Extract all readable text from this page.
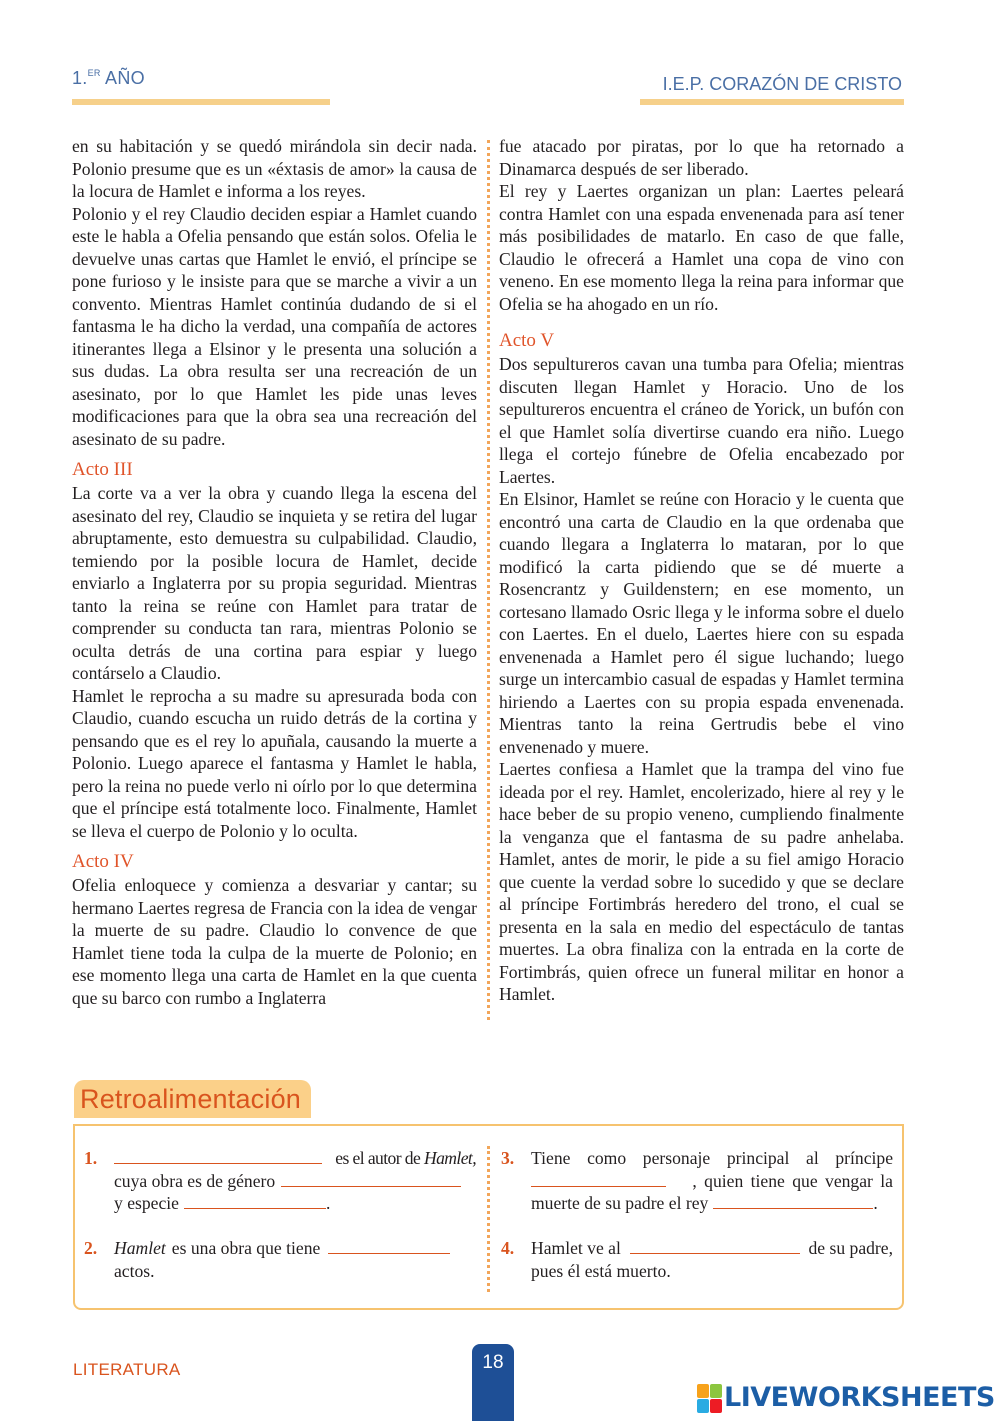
1.$^{ER}$ AÑO	I.E.P. CORAZÓN DE CRISTO

en su habitación y se quedó mirándola sin decir nada. Polonio presume que es un «éxtasis de amor» la causa de la locura de Hamlet e informa a los reyes.

Polonio y el rey Claudio deciden espiar a Hamlet cuando este le habla a Ofelia pensando que están solos. Ofelia le devuelve unas cartas que Hamlet le envió, el príncipe se pone furioso y le insiste para que se marche a vivir a un convento. Mientras Hamlet continúa dudando de si el fantasma le ha dicho la verdad, una compañía de actores itinerantes llega a Elsinor y le presenta una solución a sus dudas. La obra resulta ser una recreación de un asesinato, por lo que Hamlet les pide unas leves modificaciones para que la obra sea una recreación del asesinato de su padre.

Acto III

La corte va a ver la obra y cuando llega la escena del asesinato del rey, Claudio se inquieta y se retira del lugar abruptamente, esto demuestra su culpabilidad. Claudio, temiendo por la posible locura de Hamlet, decide enviarlo a Inglaterra por su propia seguridad. Mientras tanto la reina se reúne con Hamlet para tratar de comprender su conducta tan rara, mientras Polonio se oculta detrás de una cortina para espiar y luego contárselo a Claudio.

Hamlet le reprocha a su madre su apresurada boda con Claudio, cuando escucha un ruido detrás de la cortina y pensando que es el rey lo apuñala, causando la muerte a Polonio. Luego aparece el fantasma y Hamlet le habla, pero la reina no puede verlo ni oírlo por lo que determina que el príncipe está totalmente loco. Finalmente, Hamlet se lleva el cuerpo de Polonio y lo oculta.

Acto IV

Ofelia enloquece y comienza a desvariar y cantar; su hermano Laertes regresa de Francia con la idea de vengar la muerte de su padre. Claudio lo convence de que Hamlet tiene toda la culpa de la muerte de Polonio; en ese momento llega una carta de Hamlet en la que cuenta que su barco con rumbo a Inglaterra

fue atacado por piratas, por lo que ha retornado a Dinamarca después de ser liberado.

El rey y Laertes organizan un plan: Laertes peleará contra Hamlet con una espada envenenada para así tener más posibilidades de matarlo. En caso de que falle, Claudio le ofrecerá a Hamlet una copa de vino con veneno. En ese momento llega la reina para informar que Ofelia se ha ahogado en un río.

Acto V

Dos sepultureros cavan una tumba para Ofelia; mientras discuten llegan Hamlet y Horacio. Uno de los sepultureros encuentra el cráneo de Yorick, un bufón con el que Hamlet solía divertirse cuando era niño. Luego llega el cortejo fúnebre de Ofelia encabezado por Laertes.

En Elsinor, Hamlet se reúne con Horacio y le cuenta que encontró una carta de Claudio en la que ordenaba que cuando llegara a Inglaterra lo mataran, por lo que modificó la carta pidiendo que se dé muerte a Rosencrantz y Guildenstern; en ese momento, un cortesano llamado Osric llega y le informa sobre el duelo con Laertes. En el duelo, Laertes hiere con su espada envenenada a Hamlet pero él sigue luchando; luego surge un intercambio casual de espadas y Hamlet termina hiriendo a Laertes con su propia espada envenenada. Mientras tanto la reina Gertrudis bebe el vino envenenado y muere.

Laertes confiesa a Hamlet que la trampa del vino fue ideada por el rey. Hamlet, encolerizado, hiere al rey y le hace beber de su propio veneno, cumpliendo finalmente la venganza que el fantasma de su padre anhelaba. Hamlet, antes de morir, le pide a su fiel amigo Horacio que cuente la verdad sobre lo sucedido y que se declare al príncipe Fortimbrás heredero del trono, el cual se presenta en la sala en medio del espectáculo de tantas muertes. La obra finaliza con la entrada en la corte de Fortimbrás, quien ofrece un funeral militar en honor a Hamlet.

Retroalimentación
1.	es el autor de Hamlet,
cuya obra es de género
y especie	.
2. Hamlet es una obra que tiene
actos.
3. Tiene como personaje principal al príncipe
, quien tiene que vengar la
muerte de su padre el rey	.
4. Hamlet ve al	de su padre,
pues él está muerto.
LITERATURA	18
LIVEWORKSHEETS
